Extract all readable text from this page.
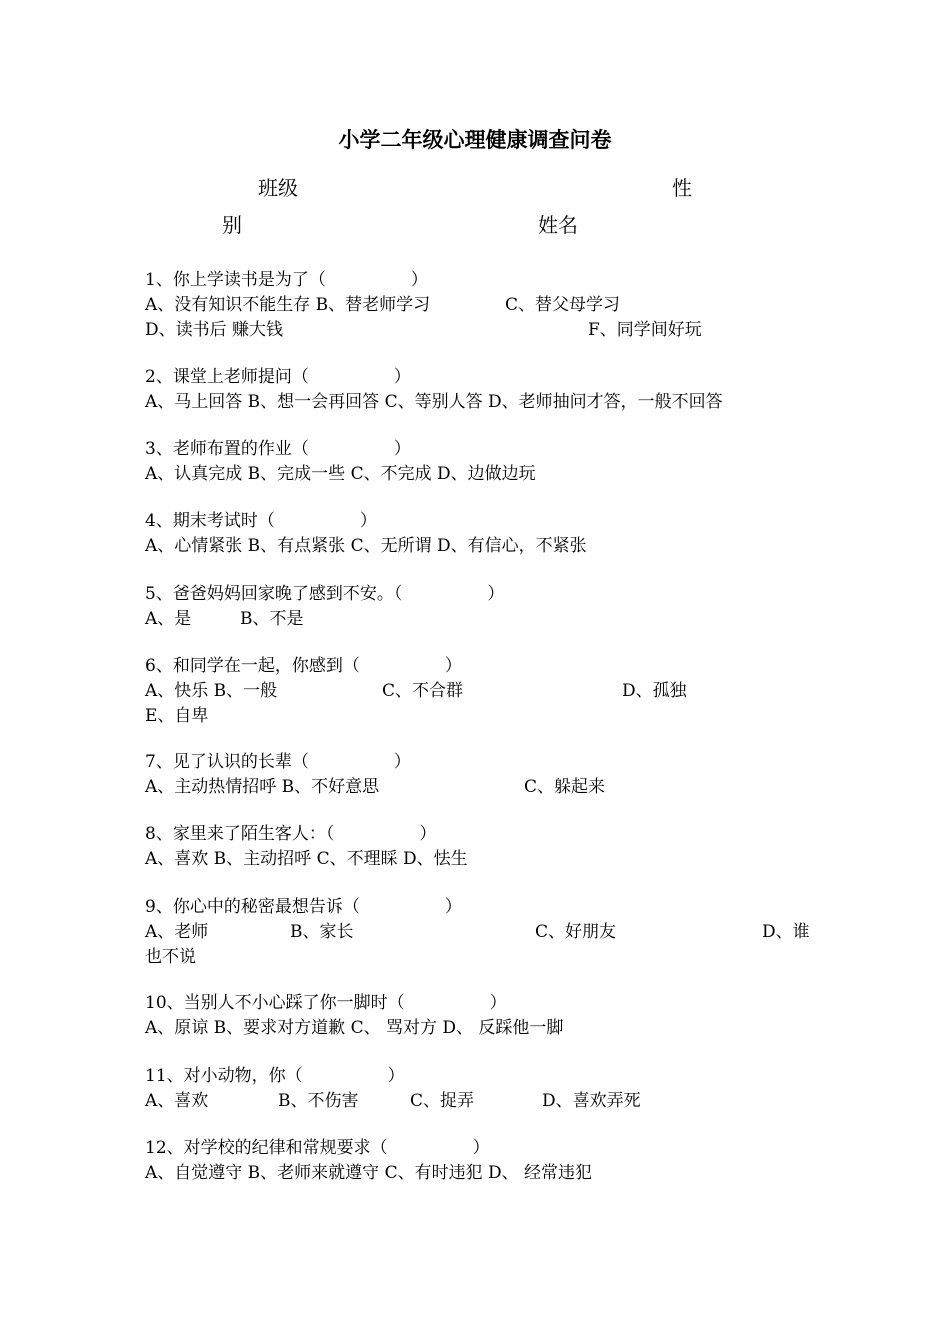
小学二年级心理健康调查问卷
班级	性
别	姓名
1、你上学读书是为了（　　　　　）
A、没有知识不能生存 B、替老师学习	C、替父母学习
D、读书后 赚大钱	F、同学间好玩
2、课堂上老师提问（　　　　　）
A、马上回答 B、想一会再回答 C、等别人答 D、老师抽问才答，一般不回答
3、老师布置的作业（　　　　　）
A、认真完成 B、完成一些 C、不完成 D、边做边玩
4、期末考试时（　　　　　）
A、心情紧张 B、有点紧张 C、无所谓 D、有信心，不紧张
5、爸爸妈妈回家晚了感到不安。（　　　　　）
A、是	B、不是
6、和同学在一起，你感到（　　　　　）
A、快乐 B、一般	C、不合群	D、孤独
E、自卑
7、见了认识的长辈（　　　　　）
A、主动热情招呼 B、不好意思	C、躲起来
8、家里来了陌生客人：（　　　　　）
A、喜欢 B、主动招呼 C、不理睬 D、怯生
9、你心中的秘密最想告诉（　　　　　）
A、老师	B、家长	C、好朋友	D、谁
也不说
10、当别人不小心踩了你一脚时（　　　　　）
A、原谅 B、要求对方道歉 C、 骂对方 D、 反踩他一脚
11、对小动物，你（　　　　　）
A、喜欢	B、不伤害	C、捉弄	D、喜欢弄死
12、对学校的纪律和常规要求（　　　　　）
A、自觉遵守 B、老师来就遵守 C、有时违犯 D、 经常违犯
